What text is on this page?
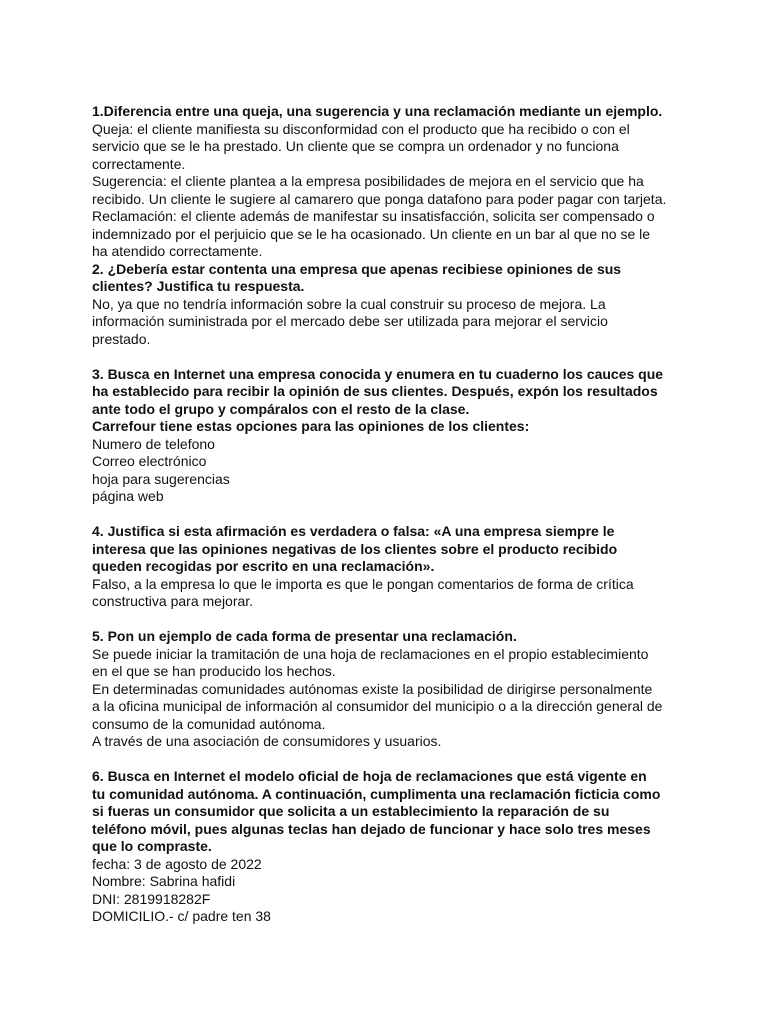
1.Diferencia entre una queja, una sugerencia y una reclamación mediante un ejemplo.
Queja: el cliente manifiesta su disconformidad con el producto que ha recibido o con el
servicio que se le ha prestado. Un cliente que se compra un ordenador y no funciona
correctamente.
Sugerencia: el cliente plantea a la empresa posibilidades de mejora en el servicio que ha
recibido. Un cliente le sugiere al camarero que ponga datafono para poder pagar con tarjeta.
Reclamación: el cliente además de manifestar su insatisfacción, solicita ser compensado o
indemnizado por el perjuicio que se le ha ocasionado. Un cliente en un bar al que no se le
ha atendido correctamente.
2. ¿Debería estar contenta una empresa que apenas recibiese opiniones de sus
clientes? Justifica tu respuesta.
No, ya que no tendría información sobre la cual construir su proceso de mejora. La
información suministrada por el mercado debe ser utilizada para mejorar el servicio
prestado.
3. Busca en Internet una empresa conocida y enumera en tu cuaderno los cauces que
ha establecido para recibir la opinión de sus clientes. Después, expón los resultados
ante todo el grupo y compáralos con el resto de la clase.
Carrefour tiene estas opciones para las opiniones de los clientes:
Numero de telefono
Correo electrónico
hoja para sugerencias
página web
4. Justifica si esta afirmación es verdadera o falsa: «A una empresa siempre le
interesa que las opiniones negativas de los clientes sobre el producto recibido
queden recogidas por escrito en una reclamación».
Falso, a la empresa lo que le importa es que le pongan comentarios de forma de crítica
constructiva para mejorar.
5. Pon un ejemplo de cada forma de presentar una reclamación.
Se puede iniciar la tramitación de una hoja de reclamaciones en el propio establecimiento
en el que se han producido los hechos.
En determinadas comunidades autónomas existe la posibilidad de dirigirse personalmente
a la oficina municipal de información al consumidor del municipio o a la dirección general de
consumo de la comunidad autónoma.
A través de una asociación de consumidores y usuarios.
6. Busca en Internet el modelo oficial de hoja de reclamaciones que está vigente en
tu comunidad autónoma. A continuación, cumplimenta una reclamación ficticia como
si fueras un consumidor que solicita a un establecimiento la reparación de su
teléfono móvil, pues algunas teclas han dejado de funcionar y hace solo tres meses
que lo compraste.
fecha: 3 de agosto de 2022
Nombre: Sabrina hafidi
DNI: 2819918282F
DOMICILIO.- c/ padre ten 38
